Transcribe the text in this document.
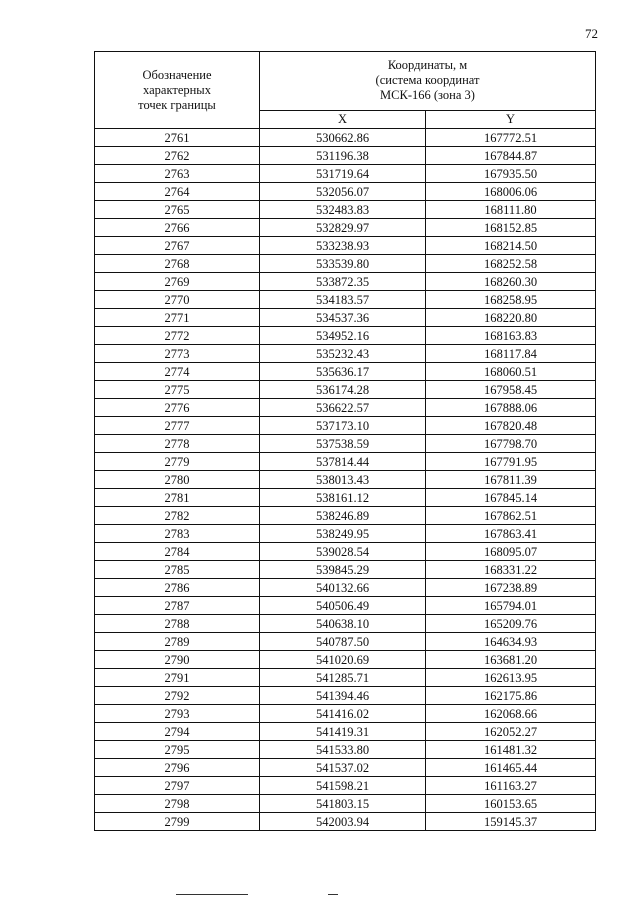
72
Обозначение
характерных
точек границы	Координаты, м
(система координат
МСК-166 (зона 3)	

	X	Y
2761	530662.86	167772.51
2762	531196.38	167844.87
2763	531719.64	167935.50
2764	532056.07	168006.06
2765	532483.83	168111.80
2766	532829.97	168152.85
2767	533238.93	168214.50
2768	533539.80	168252.58
2769	533872.35	168260.30
2770	534183.57	168258.95
2771	534537.36	168220.80
2772	534952.16	168163.83
2773	535232.43	168117.84
2774	535636.17	168060.51
2775	536174.28	167958.45
2776	536622.57	167888.06
2777	537173.10	167820.48
2778	537538.59	167798.70
2779	537814.44	167791.95
2780	538013.43	167811.39
2781	538161.12	167845.14
2782	538246.89	167862.51
2783	538249.95	167863.41
2784	539028.54	168095.07
2785	539845.29	168331.22
2786	540132.66	167238.89
2787	540506.49	165794.01
2788	540638.10	165209.76
2789	540787.50	164634.93
2790	541020.69	163681.20
2791	541285.71	162613.95
2792	541394.46	162175.86
2793	541416.02	162068.66
2794	541419.31	162052.27
2795	541533.80	161481.32
2796	541537.02	161465.44
2797	541598.21	161163.27
2798	541803.15	160153.65
2799	542003.94	159145.37
